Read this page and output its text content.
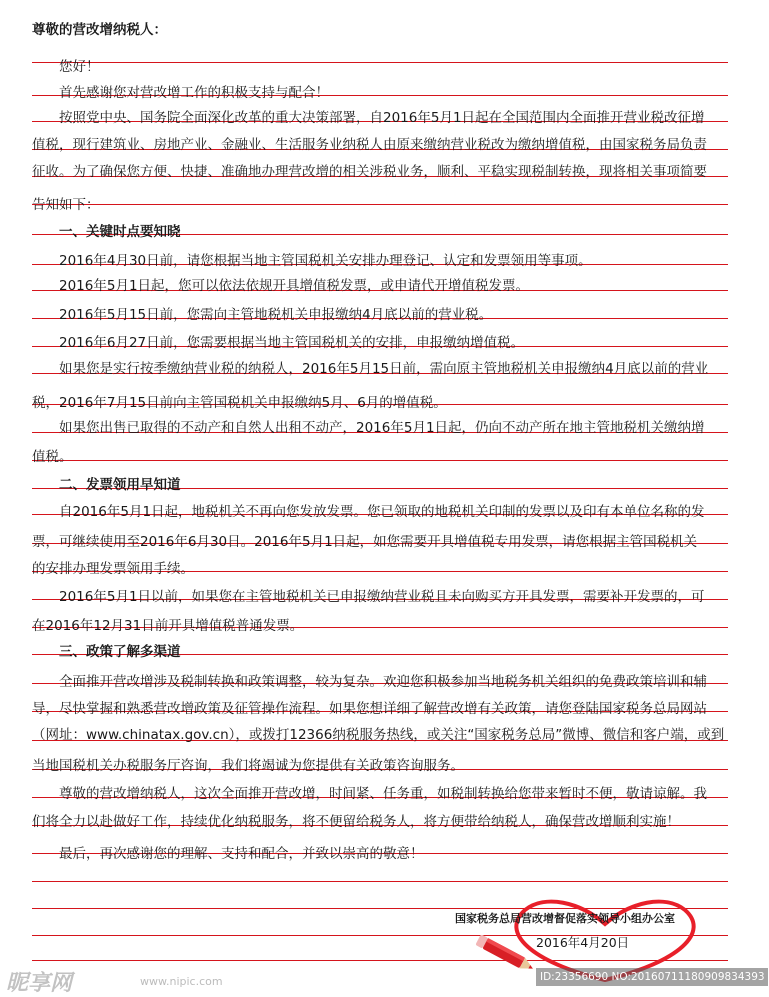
尊敬的营改增纳税人：
　　您好！
　　首先感谢您对营改增工作的积极支持与配合！
　　按照党中央、国务院全面深化改革的重大决策部署，自2016年5月1日起在全国范围内全面推开营业税改征增
值税，现行建筑业、房地产业、金融业、生活服务业纳税人由原来缴纳营业税改为缴纳增值税，由国家税务局负责
征收。为了确保您方便、快捷、准确地办理营改增的相关涉税业务，顺利、平稳实现税制转换，现将相关事项简要
告知如下：
　　一、关键时点要知晓
　　2016年4月30日前，请您根据当地主管国税机关安排办理登记、认定和发票领用等事项。
　　2016年5月1日起，您可以依法依规开具增值税发票，或申请代开增值税发票。
　　2016年5月15日前，您需向主管地税机关申报缴纳4月底以前的营业税。
　　2016年6月27日前，您需要根据当地主管国税机关的安排，申报缴纳增值税。
　　如果您是实行按季缴纳营业税的纳税人，2016年5月15日前，需向原主管地税机关申报缴纳4月底以前的营业
税，2016年7月15日前向主管国税机关申报缴纳5月、6月的增值税。
　　如果您出售已取得的不动产和自然人出租不动产，2016年5月1日起，仍向不动产所在地主管地税机关缴纳增
值税。
　　二、发票领用早知道
　　自2016年5月1日起，地税机关不再向您发放发票。您已领取的地税机关印制的发票以及印有本单位名称的发
票，可继续使用至2016年6月30日。2016年5月1日起，如您需要开具增值税专用发票，请您根据主管国税机关
的安排办理发票领用手续。
　　2016年5月1日以前，如果您在主管地税机关已申报缴纳营业税且未向购买方开具发票，需要补开发票的，可
在2016年12月31日前开具增值税普通发票。
　　三、政策了解多渠道
　　全面推开营改增涉及税制转换和政策调整，较为复杂。欢迎您积极参加当地税务机关组织的免费政策培训和辅
导，尽快掌握和熟悉营改增政策及征管操作流程。如果您想详细了解营改增有关政策，请您登陆国家税务总局网站
（网址：www.chinatax.gov.cn），或拨打12366纳税服务热线，或关注“国家税务总局”微博、微信和客户端，或到
当地国税机关办税服务厅咨询，我们将竭诚为您提供有关政策咨询服务。
　　尊敬的营改增纳税人，这次全面推开营改增，时间紧、任务重，如税制转换给您带来暂时不便，敬请谅解。我
们将全力以赴做好工作，持续优化纳税服务，将不便留给税务人，将方便带给纳税人，确保营改增顺利实施！
　　最后，再次感谢您的理解、支持和配合，并致以崇高的敬意！
国家税务总局营改增督促落实领导小组办公室
2016年4月20日
昵享网	www.nipic.com	ID:23356690 NO:20160711180909834393
